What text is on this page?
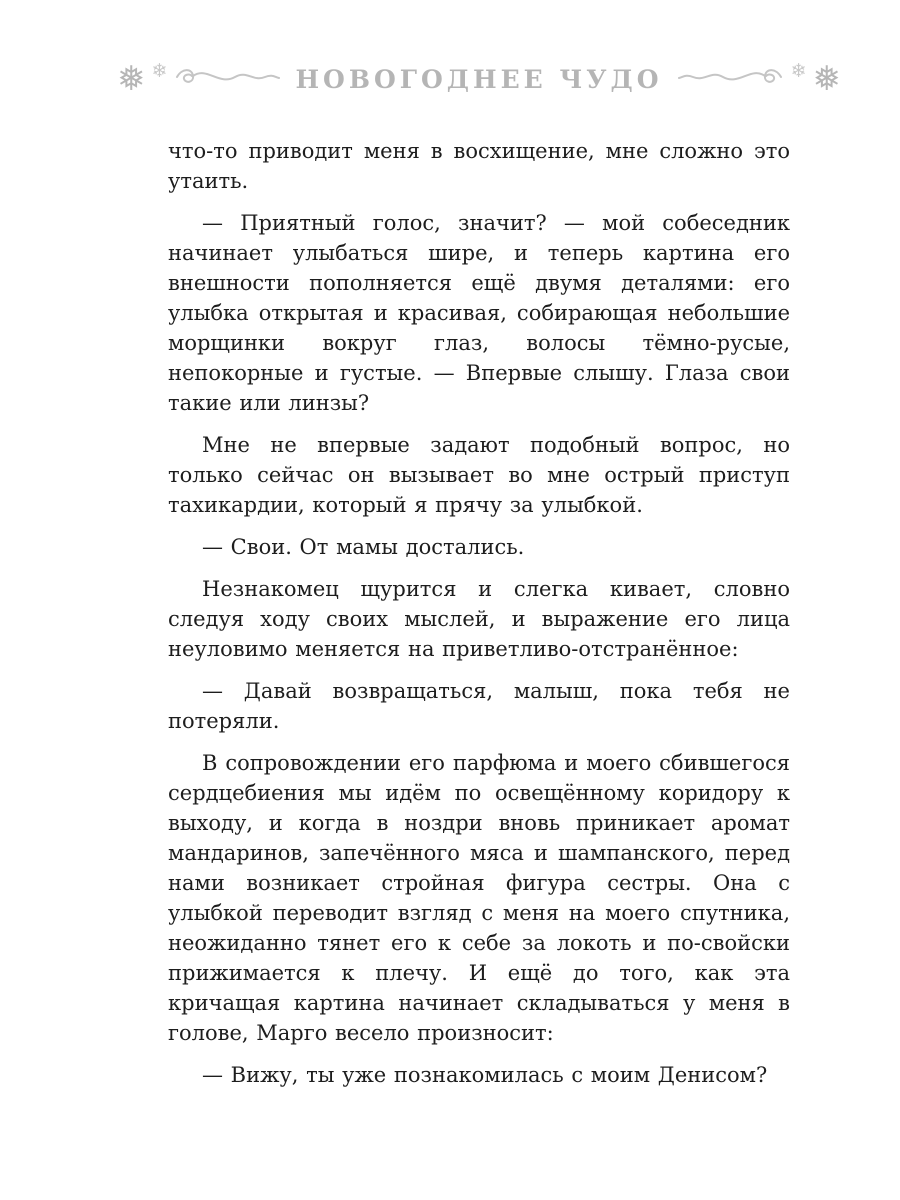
❅ ❄	НОВОГОДНЕЕ ЧУДО	❄ ❅

что-то приводит меня в восхищение, мне сложно это утаить.

— Приятный голос, значит? — мой собеседник начинает улыбаться шире, и теперь картина его внешности пополняется ещё двумя деталями: его улыбка открытая и красивая, собирающая небольшие морщинки вокруг глаз, волосы тёмно-русые, непокорные и густые. — Впервые слышу. Глаза свои такие или линзы?

Мне не впервые задают подобный вопрос, но только сейчас он вызывает во мне острый приступ тахикардии, который я прячу за улыбкой.

— Свои. От мамы достались.

Незнакомец щурится и слегка кивает, словно следуя ходу своих мыслей, и выражение его лица неуловимо меняется на приветливо-отстранённое:

— Давай возвращаться, малыш, пока тебя не потеряли.

В сопровождении его парфюма и моего сбившегося сердцебиения мы идём по освещённому коридору к выходу, и когда в ноздри вновь приникает аромат мандаринов, запечённого мяса и шампанского, перед нами возникает стройная фигура сестры. Она с улыбкой переводит взгляд с меня на моего спутника, неожиданно тянет его к себе за локоть и по-свойски прижимается к плечу. И ещё до того, как эта кричащая картина начинает складываться у меня в голове, Марго весело произносит:

— Вижу, ты уже познакомилась с моим Денисом?
